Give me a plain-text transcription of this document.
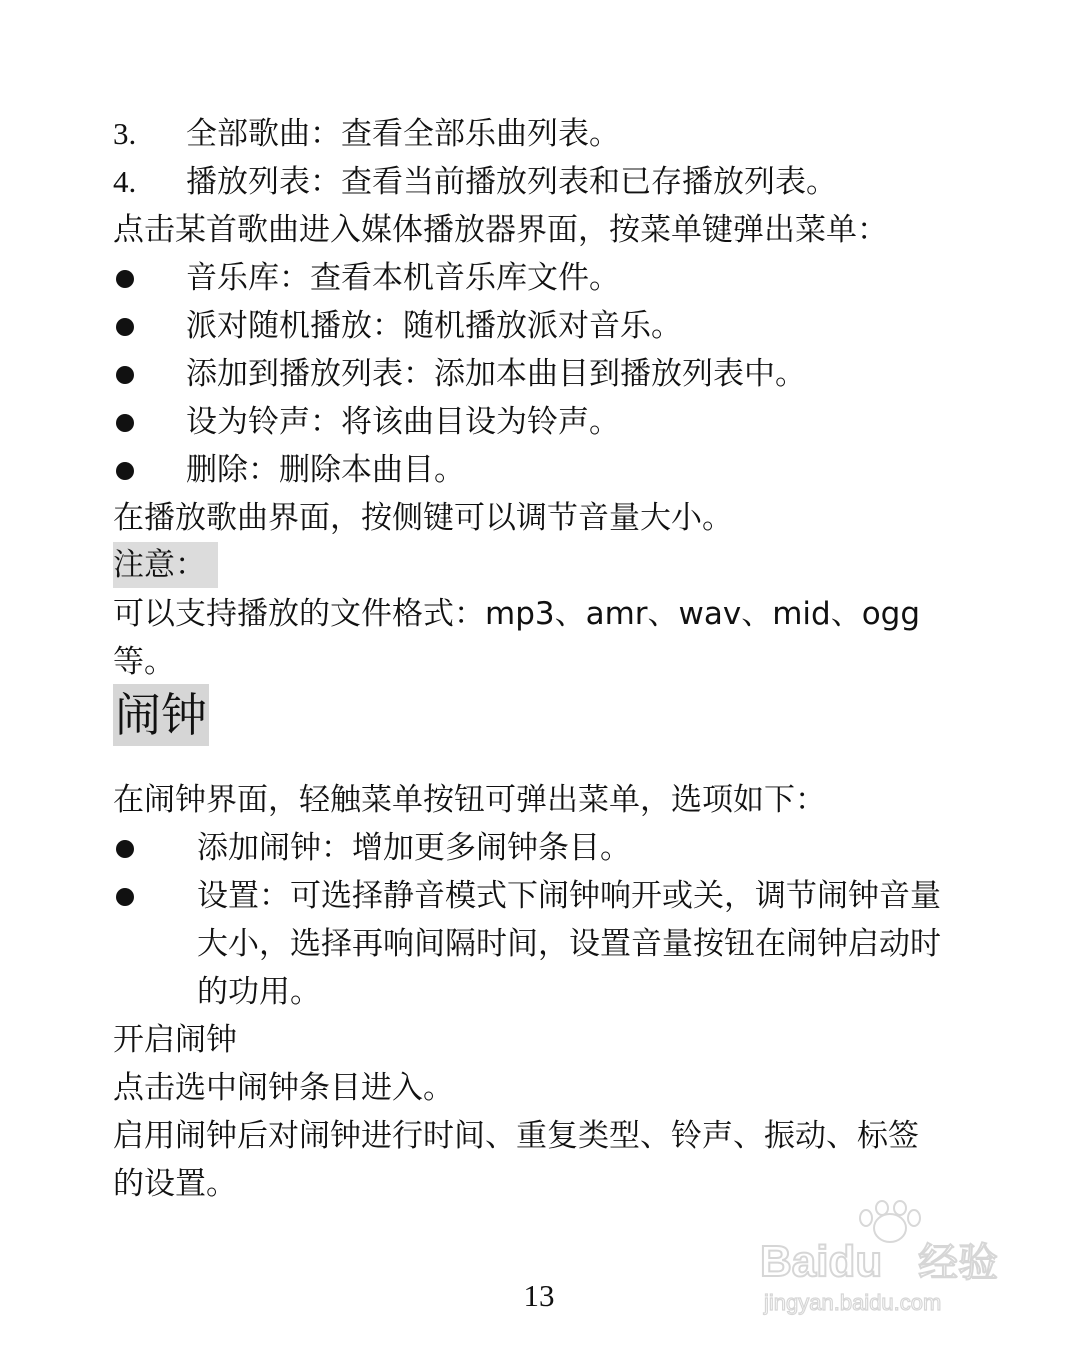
3.	全部歌曲：查看全部乐曲列表。
4.	播放列表：查看当前播放列表和已存播放列表。
点击某首歌曲进入媒体播放器界面，按菜单键弹出菜单：
音乐库：查看本机音乐库文件。
派对随机播放：随机播放派对音乐。
添加到播放列表：添加本曲目到播放列表中。
设为铃声：将该曲目设为铃声。
删除：删除本曲目。
在播放歌曲界面，按侧键可以调节音量大小。
注意：
可以支持播放的文件格式：mp3、amr、wav、mid、ogg
等。
闹钟
在闹钟界面，轻触菜单按钮可弹出菜单，选项如下：
添加闹钟：增加更多闹钟条目。
设置：可选择静音模式下闹钟响开或关，调节闹钟音量
大小，选择再响间隔时间，设置音量按钮在闹钟启动时
的功用。
开启闹钟
点击选中闹钟条目进入。
启用闹钟后对闹钟进行时间、重复类型、铃声、振动、标签
的设置。
13
Baidu 经验
jingyan.baidu.com
